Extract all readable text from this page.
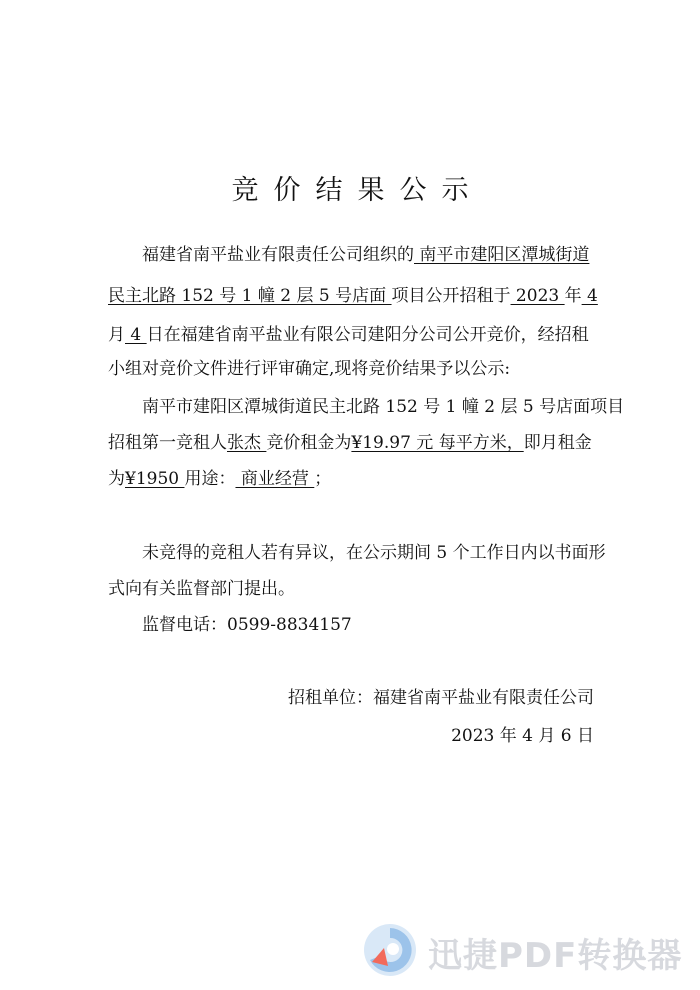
竞价结果公示
福建省南平盐业有限责任公司组织的 南平市建阳区潭城街道
民主北路 152 号 1 幢 2 层 5 号店面 项目公开招租于 2023 年 4
月 4 日在福建省南平盐业有限公司建阳分公司公开竞价，经招租
小组对竞价文件进行评审确定,现将竞价结果予以公示:
南平市建阳区潭城街道民主北路 152 号 1 幢 2 层 5 号店面项目
招租第一竞租人张杰 竞价租金为¥19.97 元 每平方米，即月租金
为¥1950 用途： 商业经营 ；
未竞得的竞租人若有异议，在公示期间 5 个工作日内以书面形
式向有关监督部门提出。
监督电话：0599-8834157
招租单位：福建省南平盐业有限责任公司
2023 年 4 月 6 日
迅捷PDF转换器
